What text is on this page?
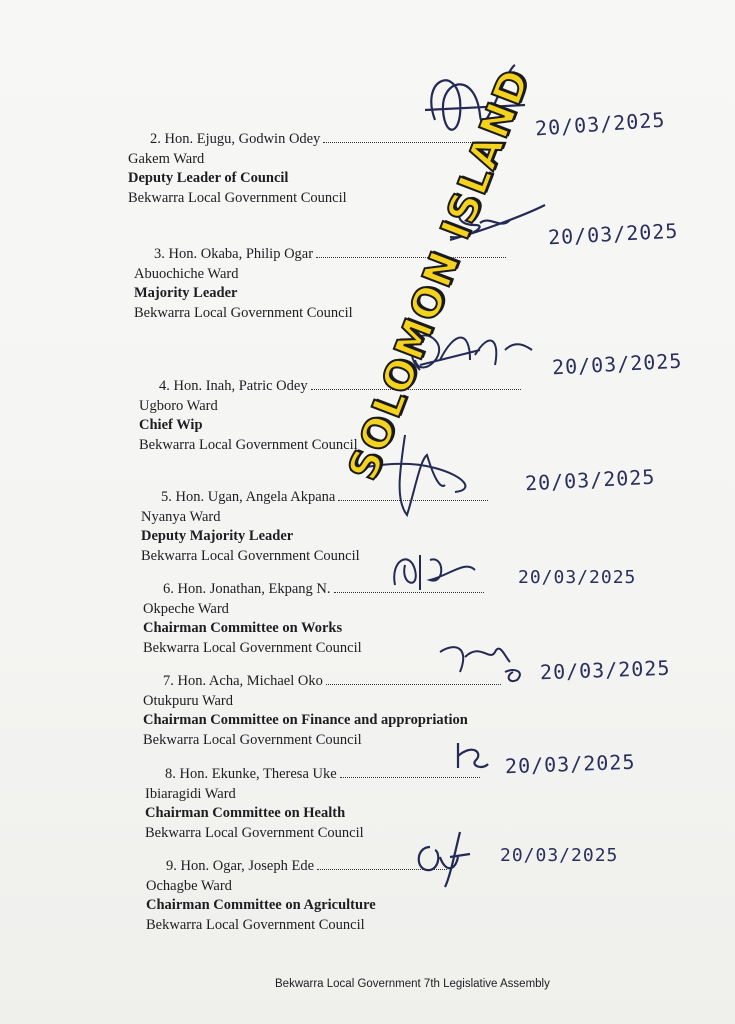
2. Hon. Ejugu, Godwin Odey
Gakem Ward
Deputy Leader of Council
Bekwarra Local Government Council
20/03/2025
3. Hon. Okaba, Philip Ogar
Abuochiche Ward
Majority Leader
Bekwarra Local Government Council
20/03/2025
4. Hon. Inah, Patric Odey
Ugboro Ward
Chief Wip
Bekwarra Local Government Council
20/03/2025
5. Hon. Ugan, Angela Akpana
Nyanya Ward
Deputy Majority Leader
Bekwarra Local Government Council
20/03/2025
6. Hon. Jonathan, Ekpang N.
Okpeche Ward
Chairman Committee on Works
Bekwarra Local Government Council
20/03/2025
7. Hon. Acha, Michael Oko
Otukpuru Ward
Chairman Committee on Finance and appropriation
Bekwarra Local Government Council
20/03/2025
8. Hon. Ekunke, Theresa Uke
Ibiaragidi Ward
Chairman Committee on Health
Bekwarra Local Government Council
20/03/2025
9. Hon. Ogar, Joseph Ede
Ochagbe Ward
Chairman Committee on Agriculture
Bekwarra Local Government Council
20/03/2025
SOLOMON ISLAND
Bekwarra Local Government 7th Legislative Assembly
